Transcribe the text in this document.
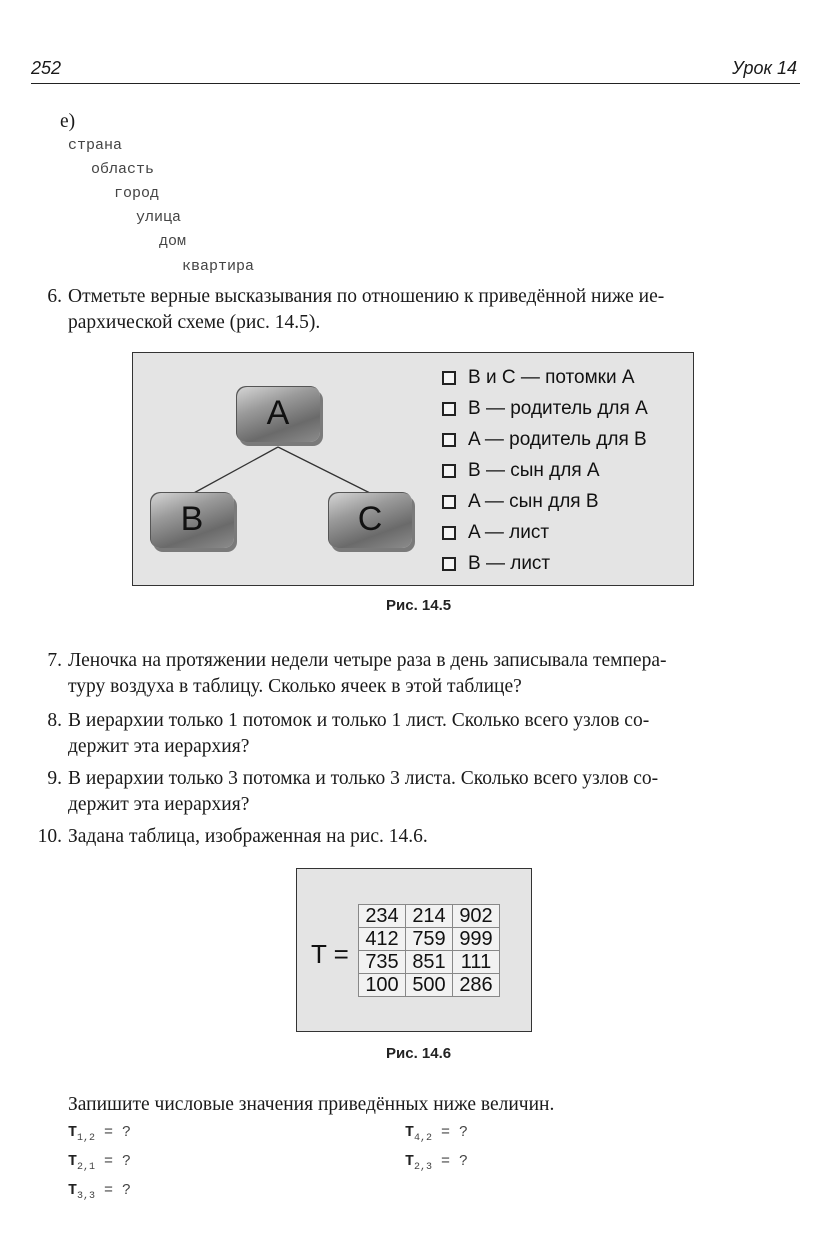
252	Урок 14
е)
страна
область
город
улица
дом
квартира
6. Отметьте верные высказывания по отношению к приведённой ниже ие-
рархической схеме (рис. 14.5).
A
B	C
B и C — потомки A
B — родитель для A
A — родитель для B
B — сын для A
A — сын для B
A — лист
B — лист
Рис. 14.5
7. Леночка на протяжении недели четыре раза в день записывала темпера-
туру воздуха в таблицу. Сколько ячеек в этой таблице?
8. В иерархии только 1 потомок и только 1 лист. Сколько всего узлов со-
держит эта иерархия?
9. В иерархии только 3 потомка и только 3 листа. Сколько всего узлов со-
держит эта иерархия?
10. Задана таблица, изображенная на рис. 14.6.
T =
234	214	902
412	759	999
735	851	111
100	500	286
Рис. 14.6
Запишите числовые значения приведённых ниже величин.
$T_{1,2}$ = ?	$T_{4,2}$ = ?
$T_{2,1}$ = ?	$T_{2,3}$ = ?
$T_{3,3}$ = ?
